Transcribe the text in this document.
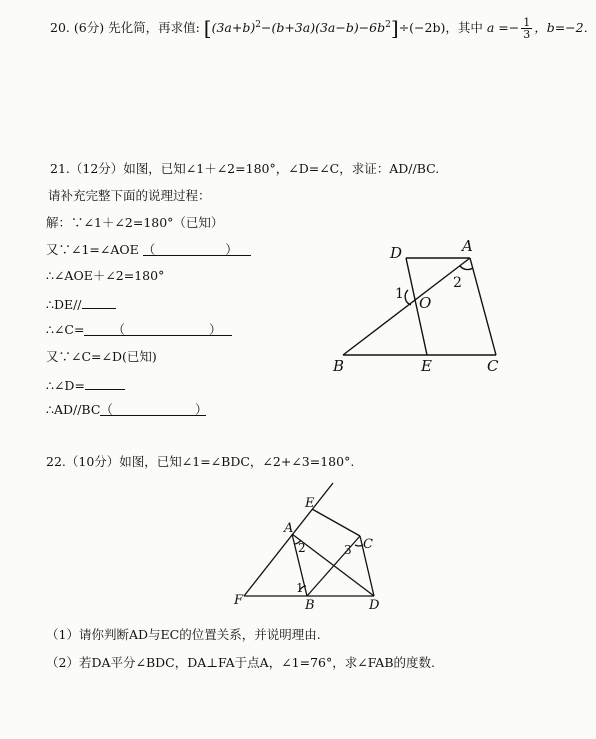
20. (6分) 先化简，再求值: $[(3a+b)^2-(b+3a)(3a-b)-6b^2]\div(-2b)$，其中 $a =- \frac{1}{3}$ ，b=−2．
21.（12分）如图，已知∠1＋∠2=180°，∠D=∠C，求证：AD//BC.
请补充完整下面的说理过程：
解：∵∠1＋∠2=180°（已知）
又∵∠1=∠AOE （	）
∴∠AOE＋∠2=180°
∴DE//
∴∠C= （	）
又∵∠C=∠D(已知)
∴∠D=
∴AD//BC（	）
D	A
O
B	E	C
1
2
22.（10分）如图，已知∠1=∠BDC，∠2+∠3=180°.
E
A
C
F	B	D
2	3
1
（1）请你判断AD与EC的位置关系，并说明理由.
（2）若DA平分∠BDC，DA⊥FA于点A，∠1=76°，求∠FAB的度数.
